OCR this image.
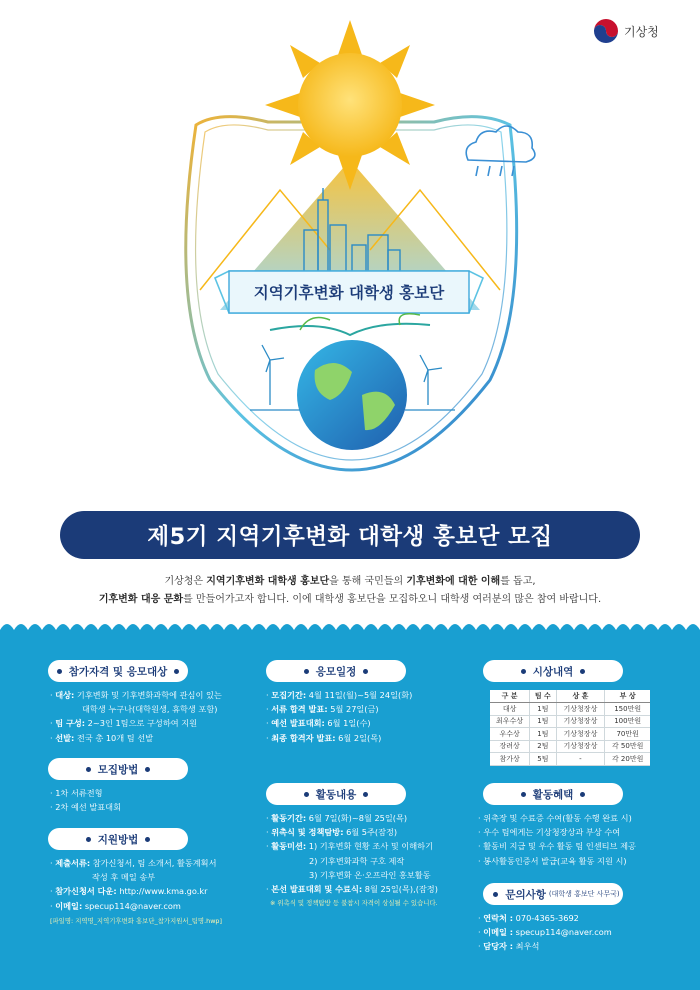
기상청
지역기후변화 대학생 홍보단
제5기 지역기후변화 대학생 홍보단 모집
기상청은 지역기후변화 대학생 홍보단을 통해 국민들의 기후변화에 대한 이해를 돕고,
기후변화 대응 문화를 만들어가고자 합니다. 이에 대학생 홍보단을 모집하오니 대학생 여러분의 많은 참여 바랍니다.
참가자격 및 응모대상
· 대상: 기후변화 및 기후변화과학에 관심이 있는
대학생 누구나(대학원생, 휴학생 포함)
· 팀 구성: 2~3인 1팀으로 구성하여 지원
· 선발: 전국 총 10개 팀 선발
모집방법
· 1차 서류전형
· 2차 예선 발표대회
지원방법
· 제출서류: 참가신청서, 팀 소개서, 활동계획서
작성 후 메일 송부
· 참가신청서 다운: http://www.kma.go.kr
· 이메일: specup114@naver.com
[파일명: 지역명_지역기후변화 홍보단_참가지원서_팀명.hwp]
응모일정
· 모집기간: 4월 11일(월)~5월 24일(화)
· 서류 합격 발표: 5월 27일(금)
· 예선 발표대회: 6월 1일(수)
· 최종 합격자 발표: 6월 2일(목)
활동내용
· 활동기간: 6월 7일(화)~8월 25일(목)
· 위촉식 및 정책탐방: 6월 5주(잠정)
· 활동미션: 1) 기후변화 현황 조사 및 이해하기
2) 기후변화과학 구호 제작
3) 기후변화 온·오프라인 홍보활동
· 본선 발표대회 및 수료식: 8월 25일(목),(잠정)
※ 위촉식 및 정책탐방 등 불참시 자격이 상실될 수 있습니다.
시상내역
구 분	팀 수	상 훈	부 상
대상	1팀	기상청장상	150만원
최우수상	1팀	기상청장상	100만원
우수상	1팀	기상청장상	70만원
장려상	2팀	기상청장상	각 50만원
참가상	5팀	-	각 20만원
활동혜택
· 위촉장 및 수료증 수여(활동 수행 완료 시)
· 우수 팀에게는 기상청장상과 부상 수여
· 활동비 지급 및 우수 활동 팀 인센티브 제공
· 봉사활동인증서 발급(교육 활동 지원 시)
문의사항 (대학생 홍보단 사무국)
· 연락처 : 070-4365-3692
· 이메일 : specup114@naver.com
· 담당자 : 최우석
